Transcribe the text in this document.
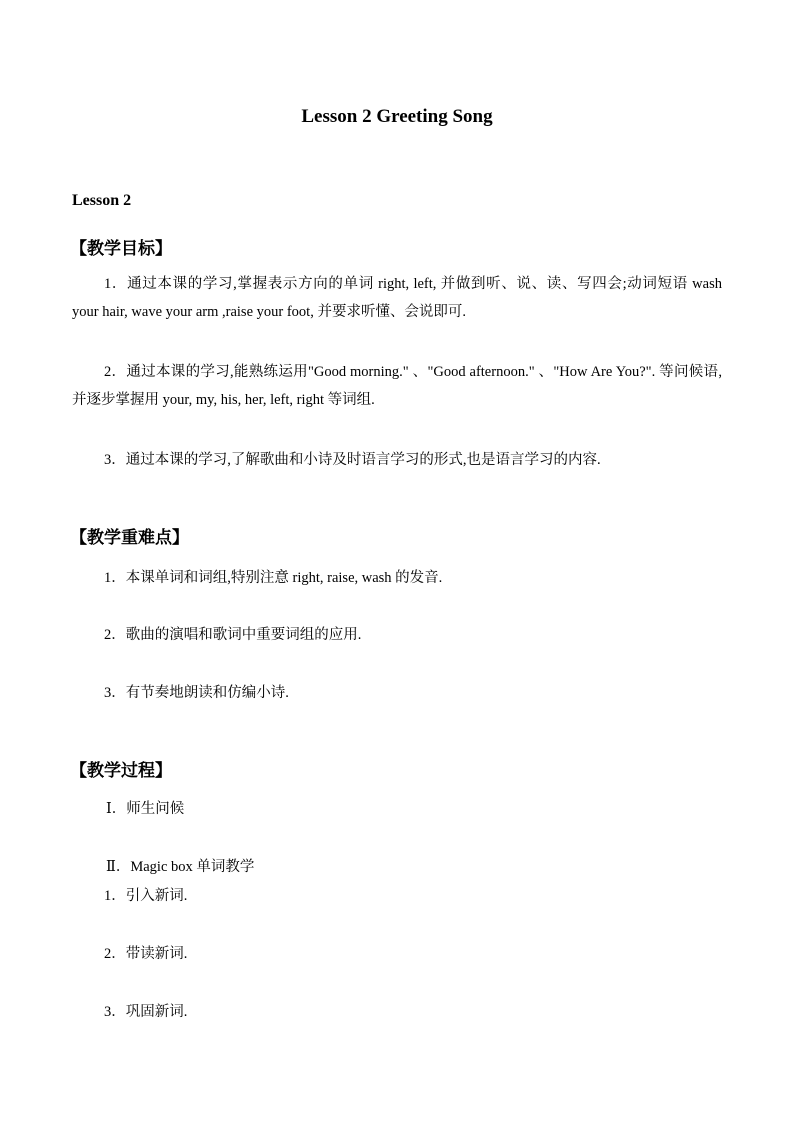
Lesson 2 Greeting Song
Lesson 2
【教学目标】
1．通过本课的学习,掌握表示方向的单词 right, left, 并做到听、说、读、写四会;动词短语 wash your hair, wave your arm ,raise your foot, 并要求听懂、会说即可.
2．通过本课的学习,能熟练运用"Good morning." 、"Good afternoon." 、"How Are You?". 等问候语,并逐步掌握用 your, my, his, her, left, right 等词组.
3．通过本课的学习,了解歌曲和小诗及时语言学习的形式,也是语言学习的内容.
【教学重难点】
1．本课单词和词组,特别注意 right, raise, wash 的发音.
2．歌曲的演唱和歌词中重要词组的应用.
3．有节奏地朗读和仿编小诗.
【教学过程】
Ⅰ．师生问候
Ⅱ．Magic box 单词教学
1．引入新词.
2．带读新词.
3．巩固新词.
